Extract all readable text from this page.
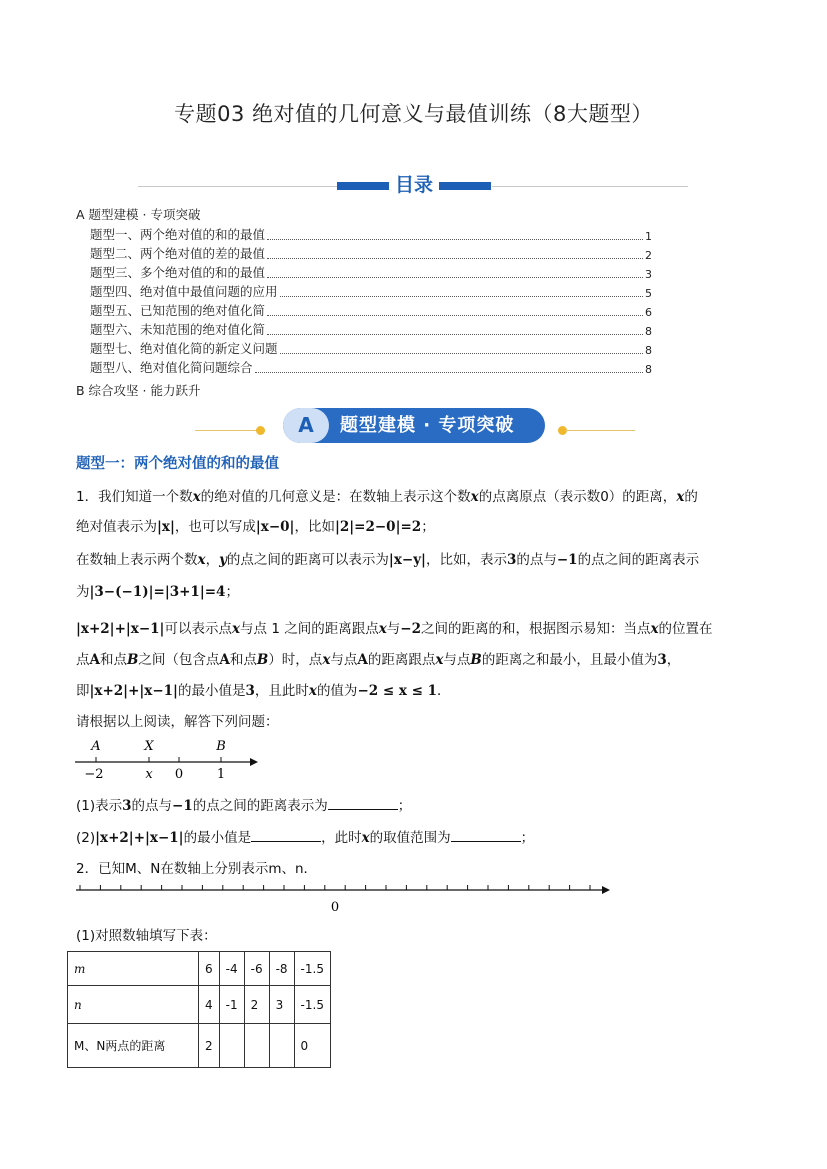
专题03 绝对值的几何意义与最值训练（8大题型）
目录
A 题型建模 · 专项突破
题型一、两个绝对值的和的最值	1
题型二、两个绝对值的差的最值	2
题型三、多个绝对值的和的最值	3
题型四、绝对值中最值问题的应用	5
题型五、已知范围的绝对值化简	6
题型六、未知范围的绝对值化简	8
题型七、绝对值化简的新定义问题	8
题型八、绝对值化简问题综合	8
B 综合攻坚 · 能力跃升
A	题型建模 · 专项突破
题型一：两个绝对值的和的最值
1．我们知道一个数x的绝对值的几何意义是：在数轴上表示这个数x的点离原点（表示数0）的距离，x的
绝对值表示为|x|，也可以写成|x−0|，比如|2|=2−0|=2；
在数轴上表示两个数x，y的点之间的距离可以表示为|x−y|，比如，表示3的点与−1的点之间的距离表示
为|3−(−1)|=|3+1|=4；
|x+2|+|x−1|可以表示点x与点 1 之间的距离跟点x与−2之间的距离的和，根据图示易知：当点x的位置在
点A和点B之间（包含点A和点B）时，点x与点A的距离跟点x与点B的距离之和最小，且最小值为3，
即|x+2|+|x−1|的最小值是3，且此时x的值为−2 ≤ x ≤ 1．
请根据以上阅读，解答下列问题：
A	X	B
−2	x 0	1
(1)表示3的点与−1的点之间的距离表示为	；
(2)|x+2|+|x−1|的最小值是	，此时x的取值范围为	；
2．已知M、N在数轴上分别表示m、n．
0
(1)对照数轴填写下表：
m	6	-4	-6	-8	-1.5
n	4	-1	2	3	-1.5
M、N两点的距离	2				0
